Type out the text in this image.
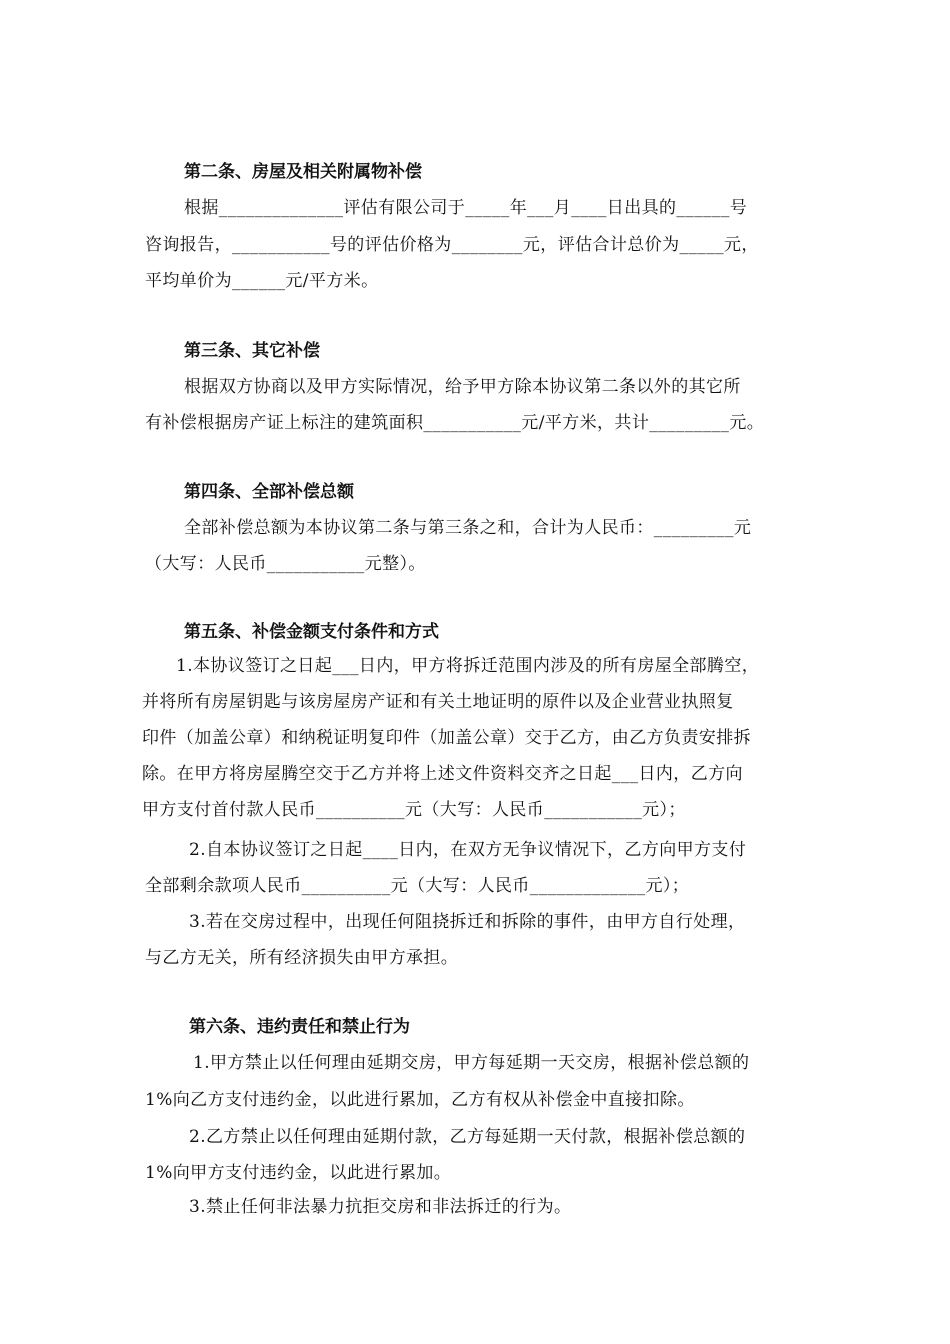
第二条、房屋及相关附属物补偿
根据______________评估有限公司于_____年___月____日出具的______号
咨询报告，___________号的评估价格为________元，评估合计总价为_____元，
平均单价为______元/平方米。
第三条、其它补偿
根据双方协商以及甲方实际情况，给予甲方除本协议第二条以外的其它所
有补偿根据房产证上标注的建筑面积___________元/平方米，共计_________元。
第四条、全部补偿总额
全部补偿总额为本协议第二条与第三条之和，合计为人民币：_________元
（大写：人民币___________元整）。
第五条、补偿金额支付条件和方式
1.本协议签订之日起___日内，甲方将拆迁范围内涉及的所有房屋全部腾空，
并将所有房屋钥匙与该房屋房产证和有关土地证明的原件以及企业营业执照复
印件（加盖公章）和纳税证明复印件（加盖公章）交于乙方，由乙方负责安排拆
除。在甲方将房屋腾空交于乙方并将上述文件资料交齐之日起___日内，乙方向
甲方支付首付款人民币__________元（大写：人民币___________元）；
2.自本协议签订之日起____日内，在双方无争议情况下，乙方向甲方支付
全部剩余款项人民币__________元（大写：人民币_____________元）；
3.若在交房过程中，出现任何阻挠拆迁和拆除的事件，由甲方自行处理，
与乙方无关，所有经济损失由甲方承担。
第六条、违约责任和禁止行为
1.甲方禁止以任何理由延期交房，甲方每延期一天交房，根据补偿总额的
1%向乙方支付违约金，以此进行累加，乙方有权从补偿金中直接扣除。
2.乙方禁止以任何理由延期付款，乙方每延期一天付款，根据补偿总额的
1%向甲方支付违约金，以此进行累加。
3.禁止任何非法暴力抗拒交房和非法拆迁的行为。
